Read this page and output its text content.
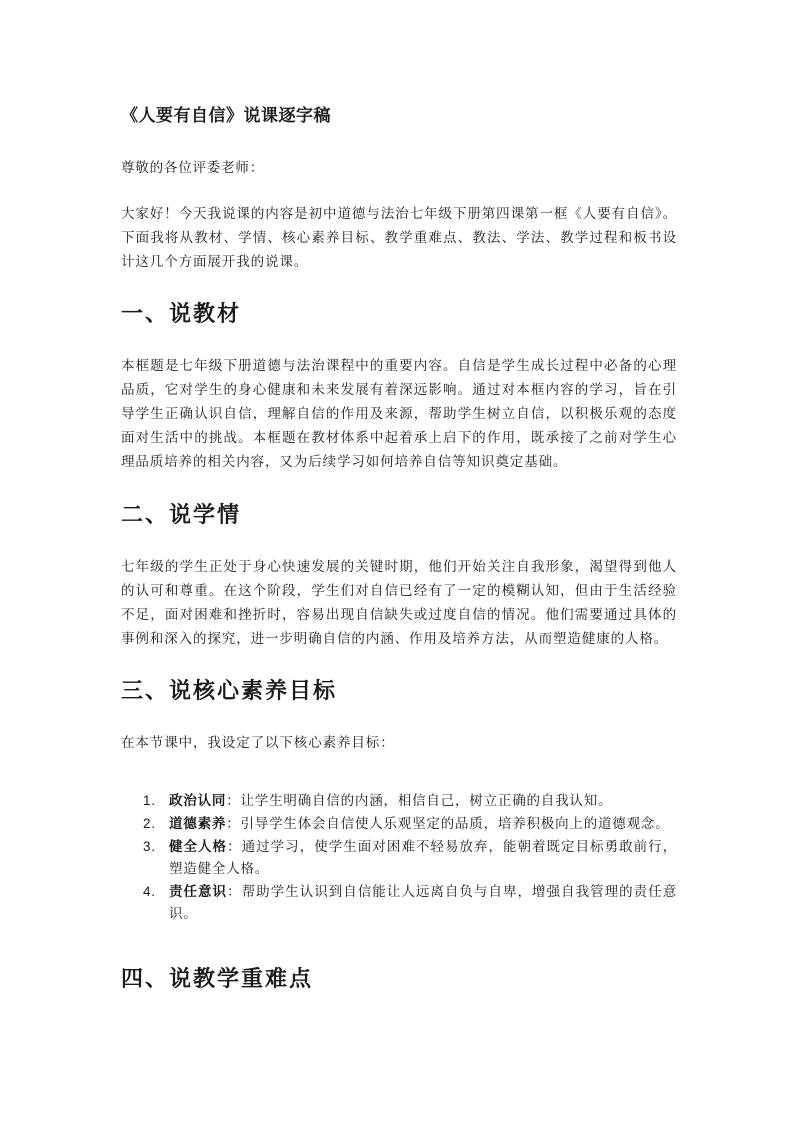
《人要有自信》说课逐字稿

尊敬的各位评委老师：

大家好！今天我说课的内容是初中道德与法治七年级下册第四课第一框《人要有自信》。下面我将从教材、学情、核心素养目标、教学重难点、教法、学法、教学过程和板书设计这几个方面展开我的说课。

一、说教材

本框题是七年级下册道德与法治课程中的重要内容。自信是学生成长过程中必备的心理品质，它对学生的身心健康和未来发展有着深远影响。通过对本框内容的学习，旨在引导学生正确认识自信，理解自信的作用及来源，帮助学生树立自信，以积极乐观的态度面对生活中的挑战。本框题在教材体系中起着承上启下的作用，既承接了之前对学生心理品质培养的相关内容，又为后续学习如何培养自信等知识奠定基础。

二、说学情

七年级的学生正处于身心快速发展的关键时期，他们开始关注自我形象，渴望得到他人的认可和尊重。在这个阶段，学生们对自信已经有了一定的模糊认知，但由于生活经验不足，面对困难和挫折时，容易出现自信缺失或过度自信的情况。他们需要通过具体的事例和深入的探究，进一步明确自信的内涵、作用及培养方法，从而塑造健康的人格。

三、说核心素养目标

在本节课中，我设定了以下核心素养目标：

1. 政治认同：让学生明确自信的内涵，相信自己，树立正确的自我认知。
2. 道德素养：引导学生体会自信使人乐观坚定的品质，培养积极向上的道德观念。
3. 健全人格：通过学习，使学生面对困难不轻易放弃，能朝着既定目标勇敢前行，塑造健全人格。
4. 责任意识：帮助学生认识到自信能让人远离自负与自卑，增强自我管理的责任意识。
四、说教学重难点
